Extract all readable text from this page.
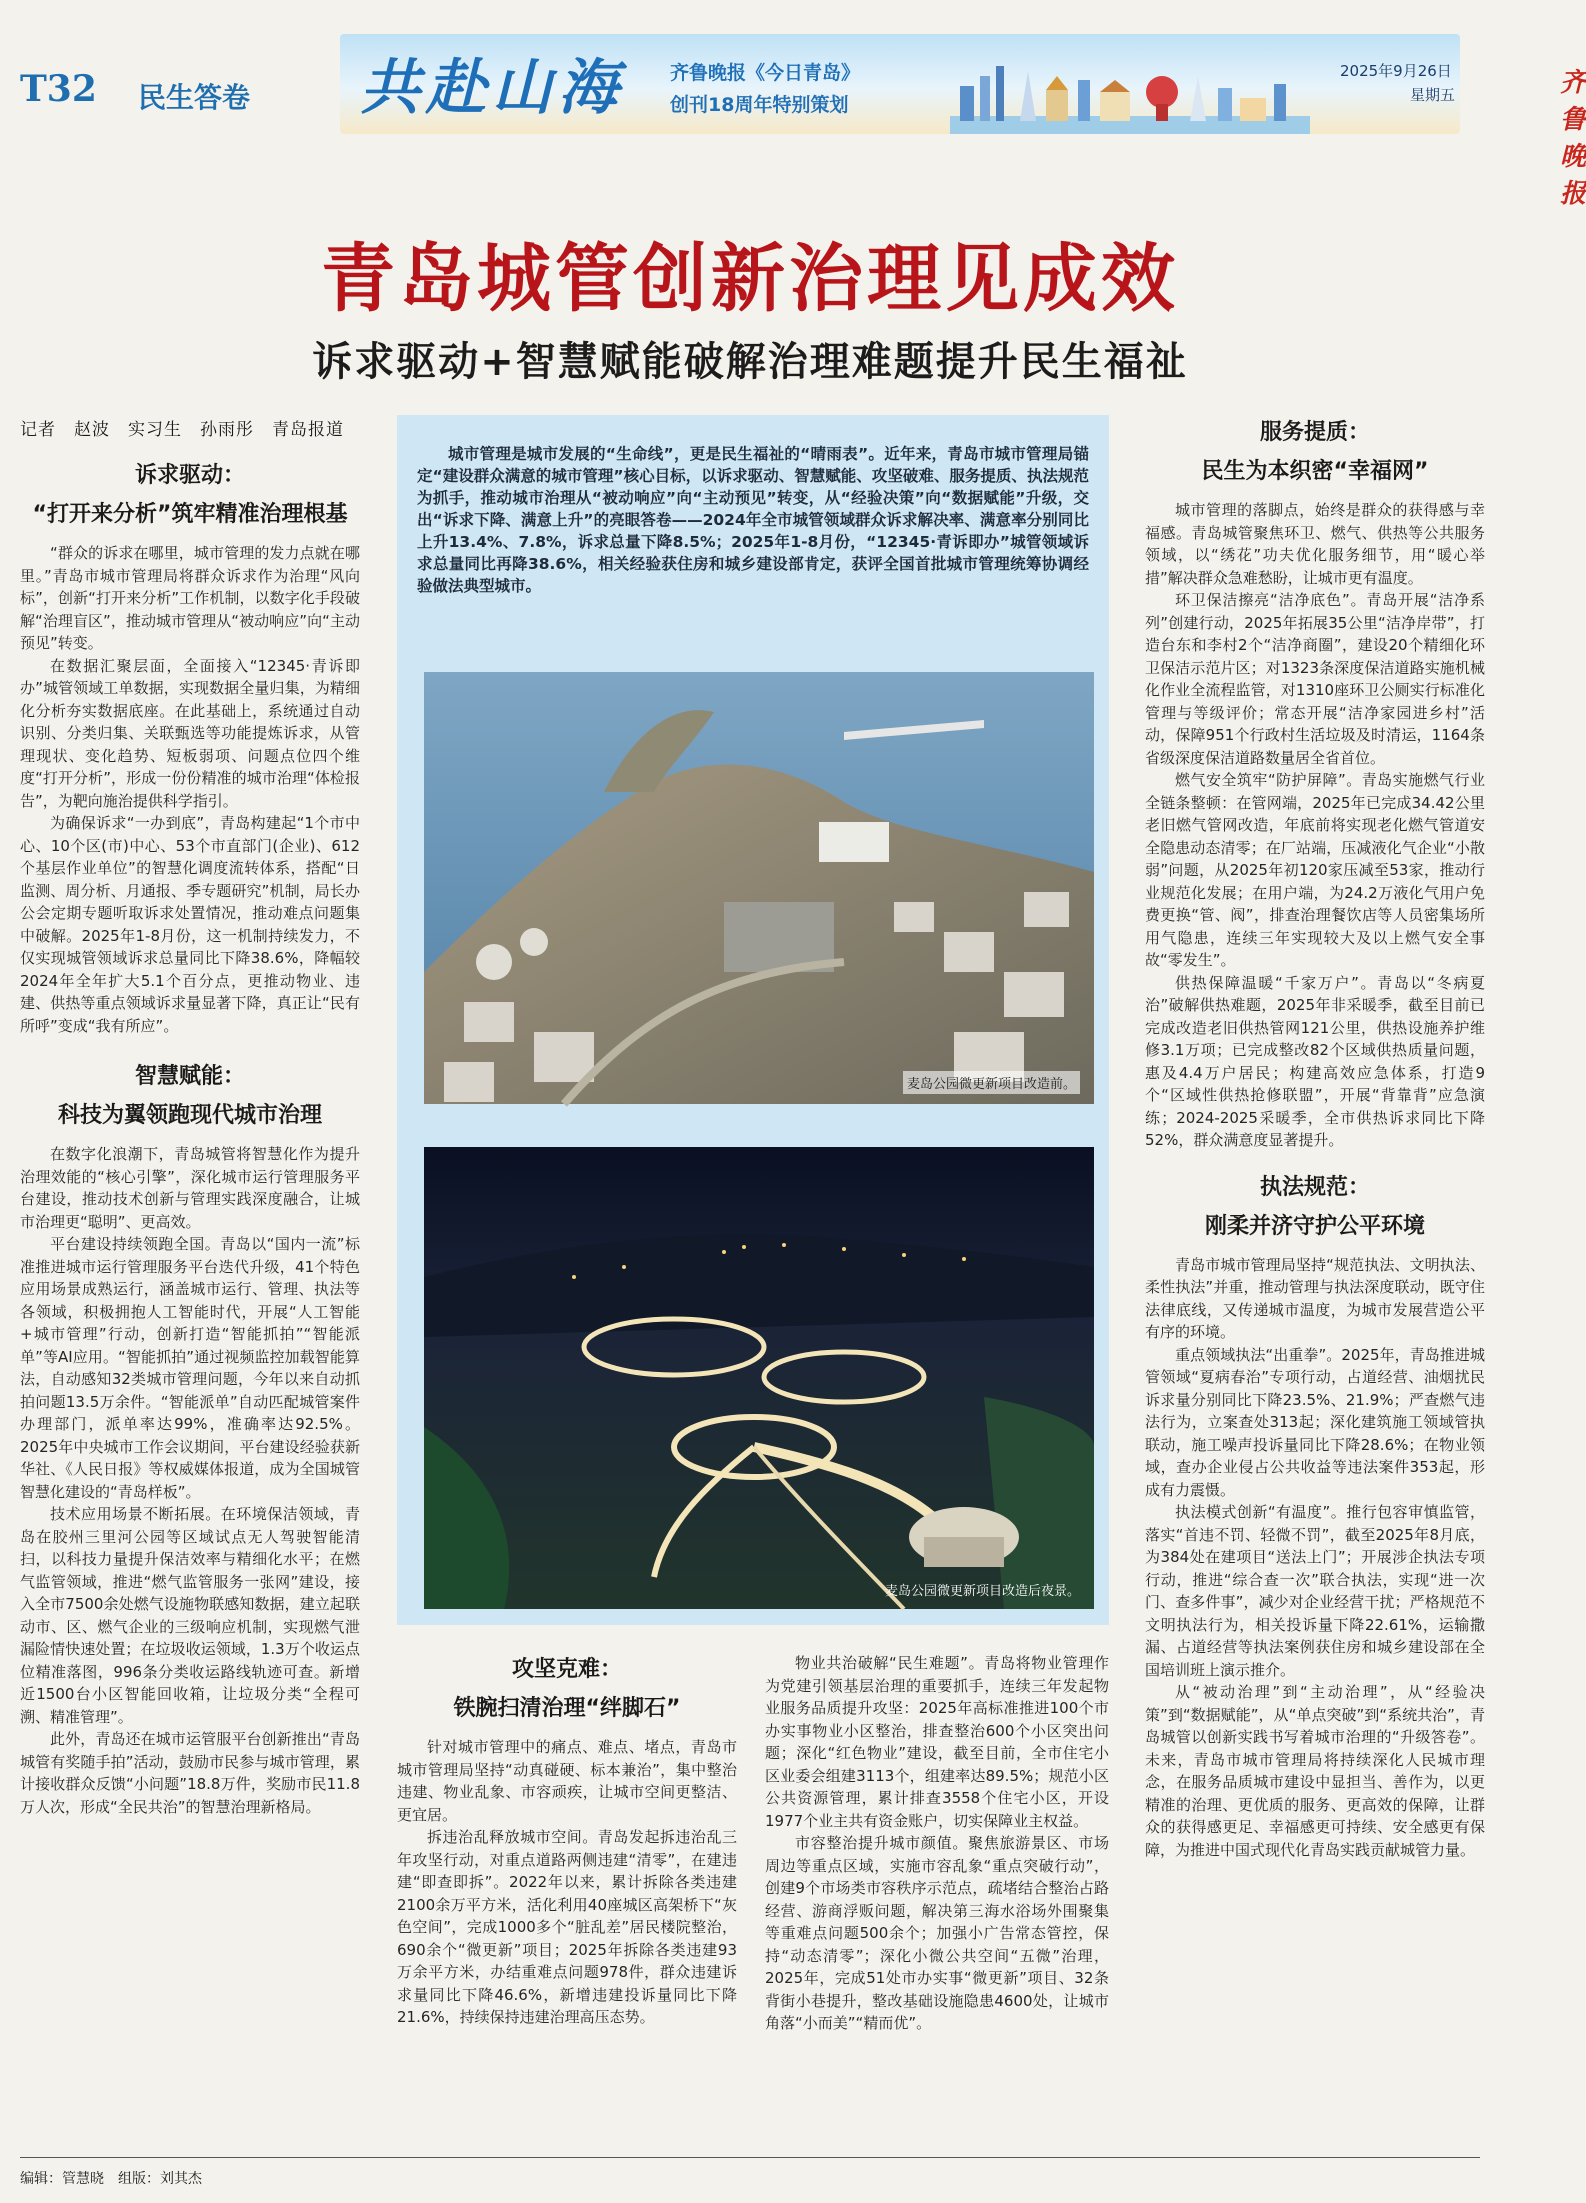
T32 民生答卷 共赴山海 齐鲁晚报《今日青岛》
创刊18周年特别策划
2025年9月26日
星期五	齐鲁晚报
青岛城管创新治理见成效
诉求驱动+智慧赋能破解治理难题提升民生福祉
记者　赵波　实习生　孙雨彤　青岛报道
诉求驱动：
“打开来分析”筑牢精准治理根基

“群众的诉求在哪里，城市管理的发力点就在哪里。”青岛市城市管理局将群众诉求作为治理“风向标”，创新“打开来分析”工作机制，以数字化手段破解“治理盲区”，推动城市管理从“被动响应”向“主动预见”转变。

在数据汇聚层面，全面接入“12345·青诉即办”城管领域工单数据，实现数据全量归集，为精细化分析夯实数据底座。在此基础上，系统通过自动识别、分类归集、关联甄选等功能提炼诉求，从管理现状、变化趋势、短板弱项、问题点位四个维度“打开分析”，形成一份份精准的城市治理“体检报告”，为靶向施治提供科学指引。

为确保诉求“一办到底”，青岛构建起“1个市中心、10个区(市)中心、53个市直部门(企业)、612个基层作业单位”的智慧化调度流转体系，搭配“日监测、周分析、月通报、季专题研究”机制，局长办公会定期专题听取诉求处置情况，推动难点问题集中破解。2025年1-8月份，这一机制持续发力，不仅实现城管领域诉求总量同比下降38.6%，降幅较2024年全年扩大5.1个百分点，更推动物业、违建、供热等重点领域诉求量显著下降，真正让“民有所呼”变成“我有所应”。

智慧赋能：
科技为翼领跑现代城市治理

在数字化浪潮下，青岛城管将智慧化作为提升治理效能的“核心引擎”，深化城市运行管理服务平台建设，推动技术创新与管理实践深度融合，让城市治理更“聪明”、更高效。

平台建设持续领跑全国。青岛以“国内一流”标准推进城市运行管理服务平台迭代升级，41个特色应用场景成熟运行，涵盖城市运行、管理、执法等各领域，积极拥抱人工智能时代，开展“人工智能+城市管理”行动，创新打造“智能抓拍”“智能派单”等AI应用。“智能抓拍”通过视频监控加载智能算法，自动感知32类城市管理问题，今年以来自动抓拍问题13.5万余件。“智能派单”自动匹配城管案件办理部门，派单率达99%，准确率达92.5%。2025年中央城市工作会议期间，平台建设经验获新华社、《人民日报》等权威媒体报道，成为全国城管智慧化建设的“青岛样板”。

技术应用场景不断拓展。在环境保洁领域，青岛在胶州三里河公园等区域试点无人驾驶智能清扫，以科技力量提升保洁效率与精细化水平；在燃气监管领域，推进“燃气监管服务一张网”建设，接入全市7500余处燃气设施物联感知数据，建立起联动市、区、燃气企业的三级响应机制，实现燃气泄漏险情快速处置；在垃圾收运领域，1.3万个收运点位精准落图，996条分类收运路线轨迹可查。新增近1500台小区智能回收箱，让垃圾分类“全程可溯、精准管理”。

此外，青岛还在城市运管服平台创新推出“青岛城管有奖随手拍”活动，鼓励市民参与城市管理，累计接收群众反馈“小问题”18.8万件，奖励市民11.8万人次，形成“全民共治”的智慧治理新格局。

城市管理是城市发展的“生命线”，更是民生福祉的“晴雨表”。近年来，青岛市城市管理局锚定“建设群众满意的城市管理”核心目标，以诉求驱动、智慧赋能、攻坚破难、服务提质、执法规范为抓手，推动城市治理从“被动响应”向“主动预见”转变，从“经验决策”向“数据赋能”升级，交出“诉求下降、满意上升”的亮眼答卷——2024年全市城管领域群众诉求解决率、满意率分别同比上升13.4%、7.8%，诉求总量下降8.5%；2025年1-8月份，“12345·青诉即办”城管领域诉求总量同比再降38.6%，相关经验获住房和城乡建设部肯定，获评全国首批城市管理统筹协调经验做法典型城市。

麦岛公园微更新项目改造前。
麦岛公园微更新项目改造后夜景。
攻坚克难：
铁腕扫清治理“绊脚石”

针对城市管理中的痛点、难点、堵点，青岛市城市管理局坚持“动真碰硬、标本兼治”，集中整治违建、物业乱象、市容顽疾，让城市空间更整洁、更宜居。

拆违治乱释放城市空间。青岛发起拆违治乱三年攻坚行动，对重点道路两侧违建“清零”，在建违建“即查即拆”。2022年以来，累计拆除各类违建2100余万平方米，活化利用40座城区高架桥下“灰色空间”，完成1000多个“脏乱差”居民楼院整治，690余个“微更新”项目；2025年拆除各类违建93万余平方米，办结重难点问题978件，群众违建诉求量同比下降46.6%，新增违建投诉量同比下降21.6%，持续保持违建治理高压态势。

物业共治破解“民生难题”。青岛将物业管理作为党建引领基层治理的重要抓手，连续三年发起物业服务品质提升攻坚：2025年高标准推进100个市办实事物业小区整治，排查整治600个小区突出问题；深化“红色物业”建设，截至目前，全市住宅小区业委会组建3113个，组建率达89.5%；规范小区公共资源管理，累计排查3558个住宅小区，开设1977个业主共有资金账户，切实保障业主权益。

市容整治提升城市颜值。聚焦旅游景区、市场周边等重点区域，实施市容乱象“重点突破行动”，创建9个市场类市容秩序示范点，疏堵结合整治占路经营、游商浮贩问题，解决第三海水浴场外围聚集等重难点问题500余个；加强小广告常态管控，保持“动态清零”；深化小微公共空间“五微”治理，2025年，完成51处市办实事“微更新”项目、32条背街小巷提升，整改基础设施隐患4600处，让城市角落“小而美”“精而优”。

服务提质：
民生为本织密“幸福网”

城市管理的落脚点，始终是群众的获得感与幸福感。青岛城管聚焦环卫、燃气、供热等公共服务领域，以“绣花”功夫优化服务细节，用“暖心举措”解决群众急难愁盼，让城市更有温度。

环卫保洁擦亮“洁净底色”。青岛开展“洁净系列”创建行动，2025年拓展35公里“洁净岸带”，打造台东和李村2个“洁净商圈”，建设20个精细化环卫保洁示范片区；对1323条深度保洁道路实施机械化作业全流程监管，对1310座环卫公厕实行标准化管理与等级评价；常态开展“洁净家园进乡村”活动，保障951个行政村生活垃圾及时清运，1164条省级深度保洁道路数量居全省首位。

燃气安全筑牢“防护屏障”。青岛实施燃气行业全链条整顿：在管网端，2025年已完成34.42公里老旧燃气管网改造，年底前将实现老化燃气管道安全隐患动态清零；在厂站端，压减液化气企业“小散弱”问题，从2025年初120家压减至53家，推动行业规范化发展；在用户端，为24.2万液化气用户免费更换“管、阀”，排查治理餐饮店等人员密集场所用气隐患，连续三年实现较大及以上燃气安全事故“零发生”。

供热保障温暖“千家万户”。青岛以“冬病夏治”破解供热难题，2025年非采暖季，截至目前已完成改造老旧供热管网121公里，供热设施养护维修3.1万项；已完成整改82个区域供热质量问题，惠及4.4万户居民；构建高效应急体系，打造9个“区域性供热抢修联盟”，开展“背靠背”应急演练；2024-2025采暖季，全市供热诉求同比下降52%，群众满意度显著提升。

执法规范：
刚柔并济守护公平环境

青岛市城市管理局坚持“规范执法、文明执法、柔性执法”并重，推动管理与执法深度联动，既守住法律底线，又传递城市温度，为城市发展营造公平有序的环境。

重点领域执法“出重拳”。2025年，青岛推进城管领域“夏病春治”专项行动，占道经营、油烟扰民诉求量分别同比下降23.5%、21.9%；严查燃气违法行为，立案查处313起；深化建筑施工领域管执联动，施工噪声投诉量同比下降28.6%；在物业领域，查办企业侵占公共收益等违法案件353起，形成有力震慑。

执法模式创新“有温度”。推行包容审慎监管，落实“首违不罚、轻微不罚”，截至2025年8月底，为384处在建项目“送法上门”；开展涉企执法专项行动，推进“综合查一次”联合执法，实现“进一次门、查多件事”，减少对企业经营干扰；严格规范不文明执法行为，相关投诉量下降22.61%，运输撒漏、占道经营等执法案例获住房和城乡建设部在全国培训班上演示推介。

从“被动治理”到“主动治理”，从“经验决策”到“数据赋能”，从“单点突破”到“系统共治”，青岛城管以创新实践书写着城市治理的“升级答卷”。未来，青岛市城市管理局将持续深化人民城市理念，在服务品质城市建设中显担当、善作为，以更精准的治理、更优质的服务、更高效的保障，让群众的获得感更足、幸福感更可持续、安全感更有保障，为推进中国式现代化青岛实践贡献城管力量。

编辑：管慧晓　组版：刘其杰
